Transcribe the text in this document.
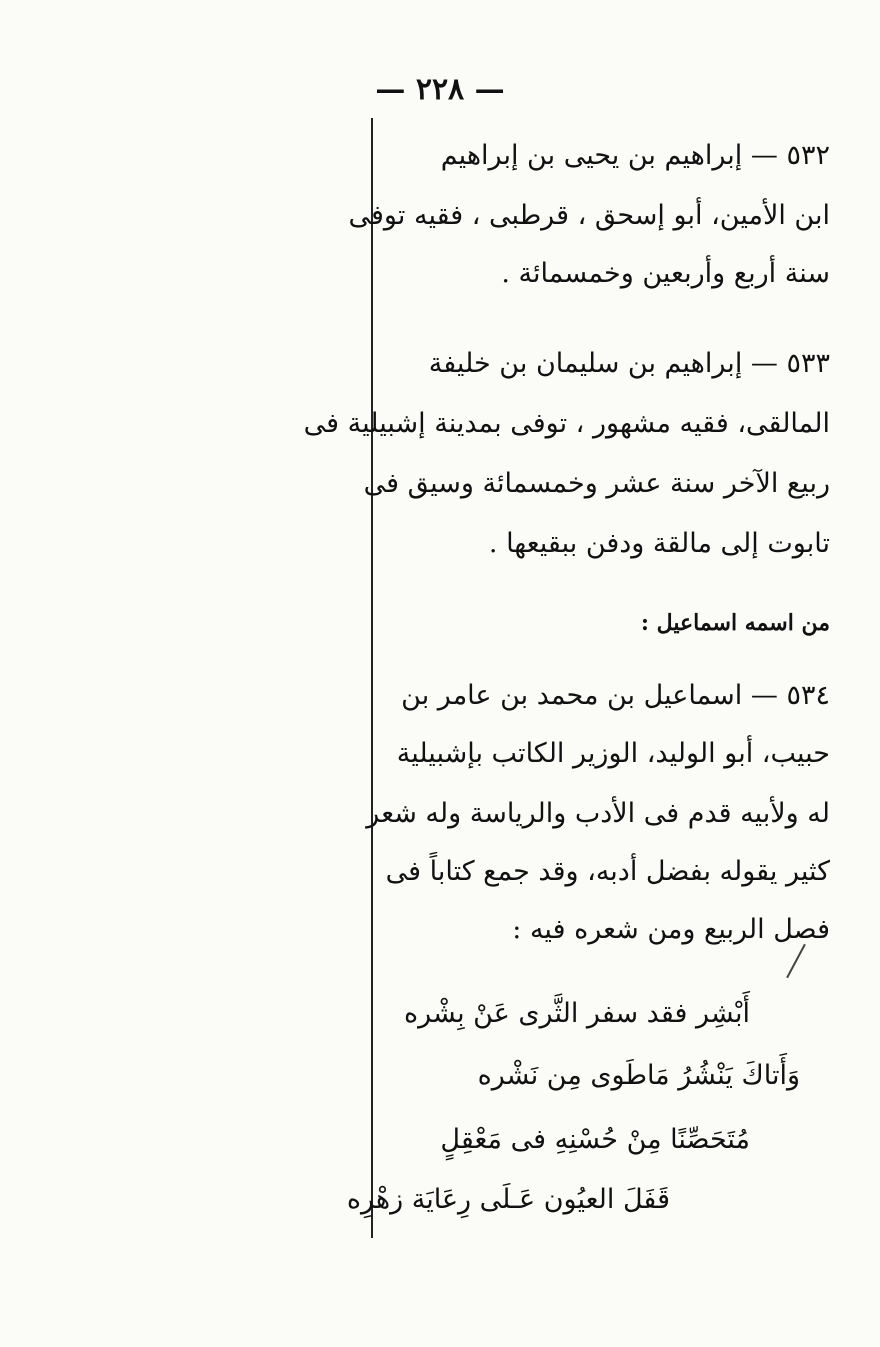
— ٢٢٨ —
٥٣٢ — إبراهيم بن يحيى بن إبراهيم
ابن الأمين، أبو إسحق ، قرطبى ، فقيه توفى
سنة أربع وأربعين وخمسمائة .
٥٣٣ — إبراهيم بن سليمان بن خليفة
المالقى، فقيه مشهور ، توفى بمدينة إشبيلية فى
ربيع الآخر سنة عشر وخمسمائة وسيق فى
تابوت إلى مالقة ودفن ببقيعها .
من اسمه اسماعيل :
٥٣٤ — اسماعيل بن محمد بن عامر بن
حبيب، أبو الوليد، الوزير الكاتب بإشبيلية
له ولأبيه قدم فى الأدب والرياسة وله شعر
كثير يقوله بفضل أدبه، وقد جمع كتاباً فى
فصل الربيع ومن شعره فيه :
أَبْشِر فقد سفر الثَّرى عَنْ بِشْره
وَأَتاكَ يَنْشُرُ مَاطَوى مِن نَشْره
مُتَحَصِّنًا مِنْ حُسْنِهِ فى مَعْقِلٍ
قَفَلَ العيُون عَـلَى رِعَايَة زهْرِه
